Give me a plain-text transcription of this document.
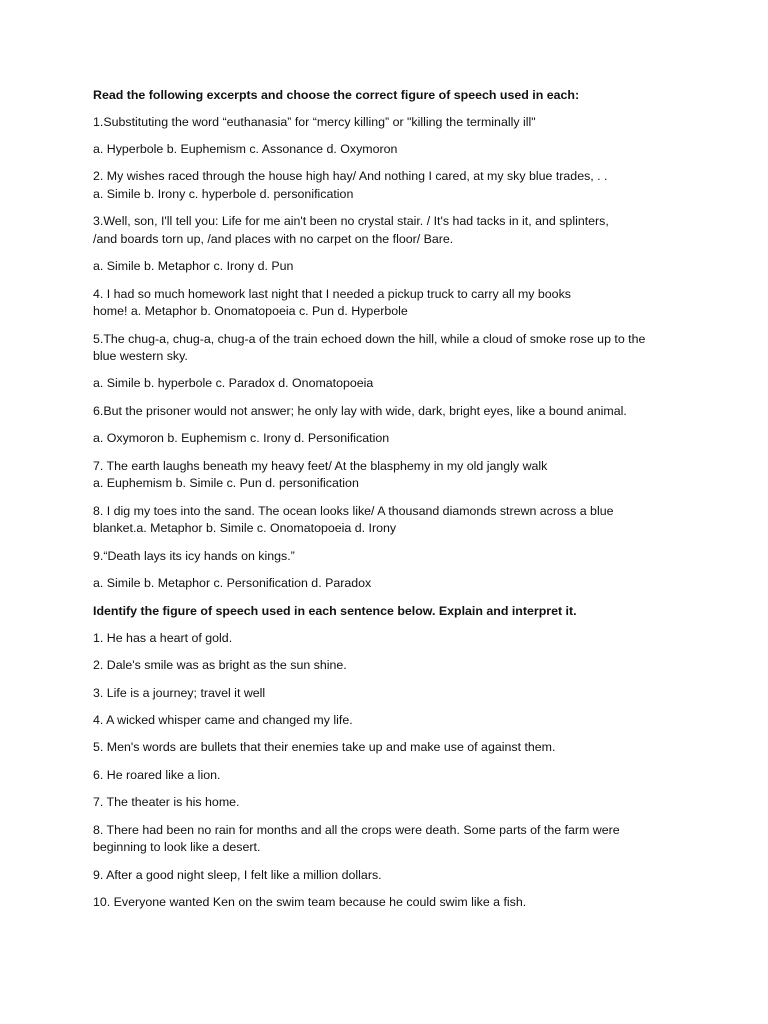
Read the following excerpts and choose the correct figure of speech used in each:

1.Substituting the word “euthanasia” for “mercy killing” or "killing the terminally ill"

a. Hyperbole b. Euphemism c. Assonance d. Oxymoron

2. My wishes raced through the house high hay/ And nothing I cared, at my sky blue trades, . .

a. Simile b. Irony c. hyperbole d. personification

3.Well, son, I'll tell you: Life for me ain't been no crystal stair. / It's had tacks in it, and splinters,

/and boards torn up, /and places with no carpet on the floor/ Bare.

a. Simile b. Metaphor c. Irony d. Pun

4. I had so much homework last night that I needed a pickup truck to carry all my books

home! a. Metaphor b. Onomatopoeia c. Pun d. Hyperbole

5.The chug-a, chug-a, chug-a of the train echoed down the hill, while a cloud of smoke rose up to the

blue western sky.

a. Simile b. hyperbole c. Paradox d. Onomatopoeia

6.But the prisoner would not answer; he only lay with wide, dark, bright eyes, like a bound animal.

a. Oxymoron b. Euphemism c. Irony d. Personification

7. The earth laughs beneath my heavy feet/ At the blasphemy in my old jangly walk

a. Euphemism b. Simile c. Pun d. personification

8. I dig my toes into the sand. The ocean looks like/ A thousand diamonds strewn across a blue

blanket.a. Metaphor b. Simile c. Onomatopoeia d. Irony

9.“Death lays its icy hands on kings.”

a. Simile b. Metaphor c. Personification d. Paradox

Identify the figure of speech used in each sentence below. Explain and interpret it.

1. He has a heart of gold.

2. Dale's smile was as bright as the sun shine.

3. Life is a journey; travel it well

4. A wicked whisper came and changed my life.

5. Men's words are bullets that their enemies take up and make use of against them.

6. He roared like a lion.

7. The theater is his home.

8. There had been no rain for months and all the crops were death. Some parts of the farm were

beginning to look like a desert.

9. After a good night sleep, I felt like a million dollars.

10. Everyone wanted Ken on the swim team because he could swim like a fish.
